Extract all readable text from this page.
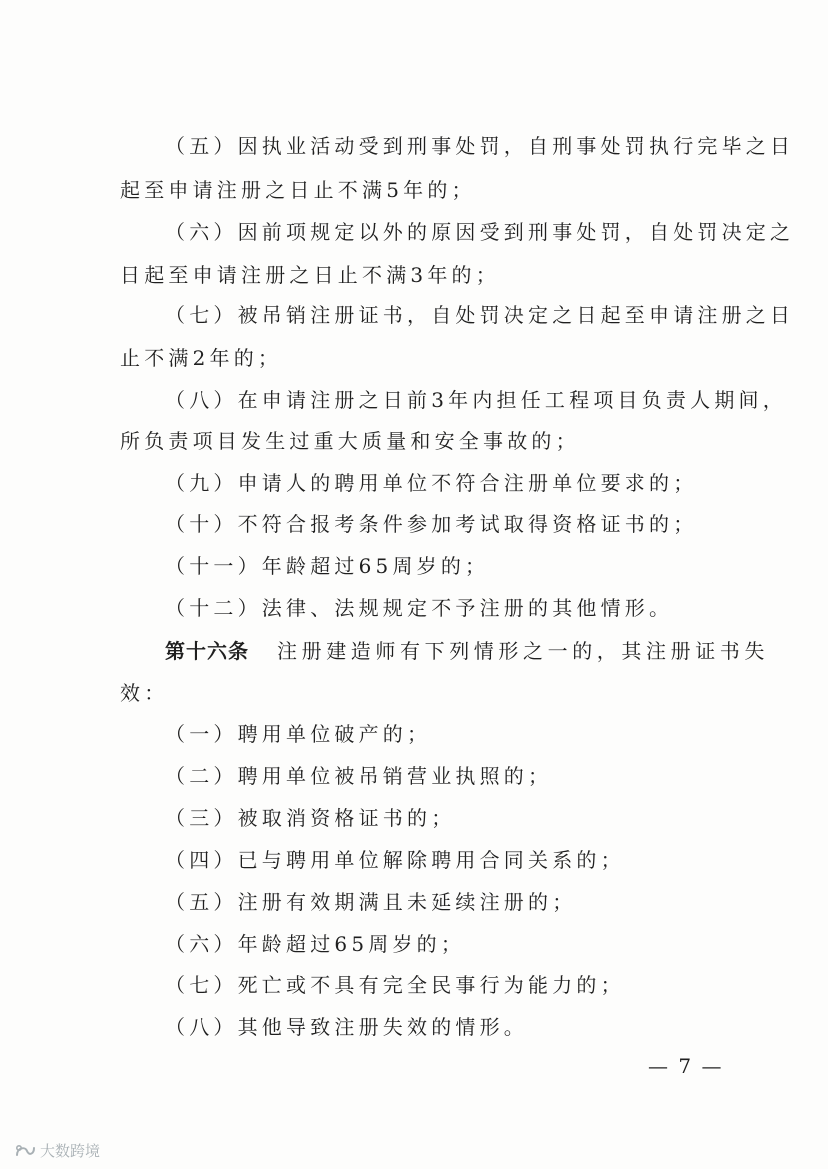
（五）因执业活动受到刑事处罚，自刑事处罚执行完毕之日
起至申请注册之日止不满5年的；
（六）因前项规定以外的原因受到刑事处罚，自处罚决定之
日起至申请注册之日止不满3年的；
（七）被吊销注册证书，自处罚决定之日起至申请注册之日
止不满2年的；
（八）在申请注册之日前3年内担任工程项目负责人期间，
所负责项目发生过重大质量和安全事故的；
（九）申请人的聘用单位不符合注册单位要求的；
（十）不符合报考条件参加考试取得资格证书的；
（十一）年龄超过65周岁的；
（十二）法律、法规规定不予注册的其他情形。
第十六条 注册建造师有下列情形之一的，其注册证书失
效：
（一）聘用单位破产的；
（二）聘用单位被吊销营业执照的；
（三）被取消资格证书的；
（四）已与聘用单位解除聘用合同关系的；
（五）注册有效期满且未延续注册的；
（六）年龄超过65周岁的；
（七）死亡或不具有完全民事行为能力的；
（八）其他导致注册失效的情形。
— 7 —
大数跨境
